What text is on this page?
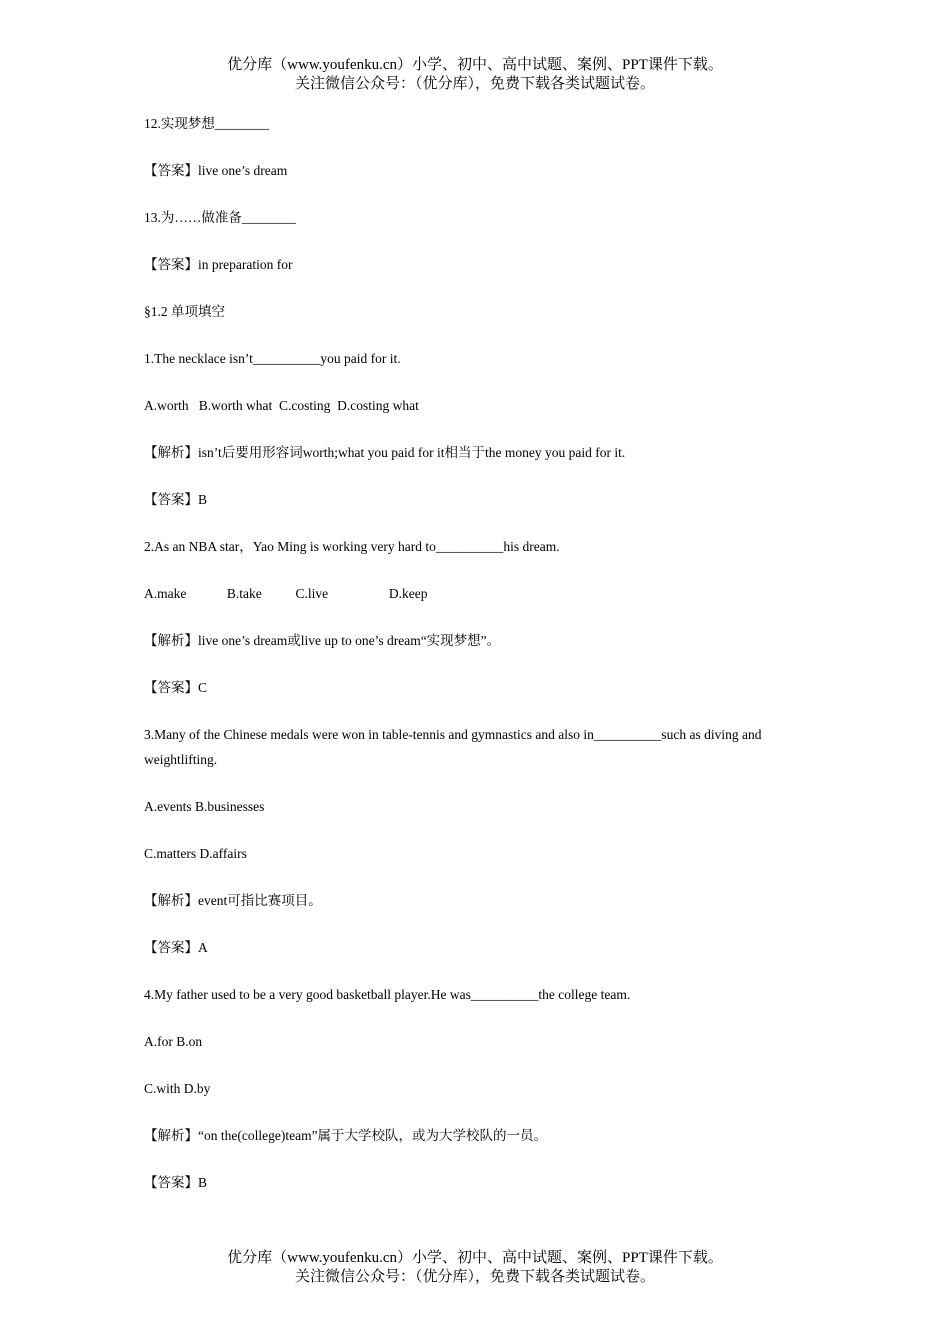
优分库（www.youfenku.cn）小学、初中、高中试题、案例、PPT课件下载。
关注微信公众号：（优分库），免费下载各类试题试卷。
12.实现梦想________
【答案】live one’s dream
13.为……做准备________
【答案】in preparation for
§1.2 单项填空
1.The necklace isn’t__________you paid for it.
A.worth   B.worth what  C.costing  D.costing what
【解析】isn’t后要用形容词worth;what you paid for it相当于the money you paid for it.
【答案】B
2.As an NBA star，Yao Ming is working very hard to__________his dream.
A.make            B.take          C.live                  D.keep
【解析】live one’s dream或live up to one’s dream“实现梦想”。
【答案】C
3.Many of the Chinese medals were won in table-tennis and gymnastics and also in__________such as diving and weightlifting.
A.events B.businesses
C.matters D.affairs
【解析】event可指比赛项目。
【答案】A
4.My father used to be a very good basketball player.He was__________the college team.
A.for B.on
C.with D.by
【解析】“on the(college)team”属于大学校队，或为大学校队的一员。
【答案】B
优分库（www.youfenku.cn）小学、初中、高中试题、案例、PPT课件下载。
关注微信公众号：（优分库），免费下载各类试题试卷。
